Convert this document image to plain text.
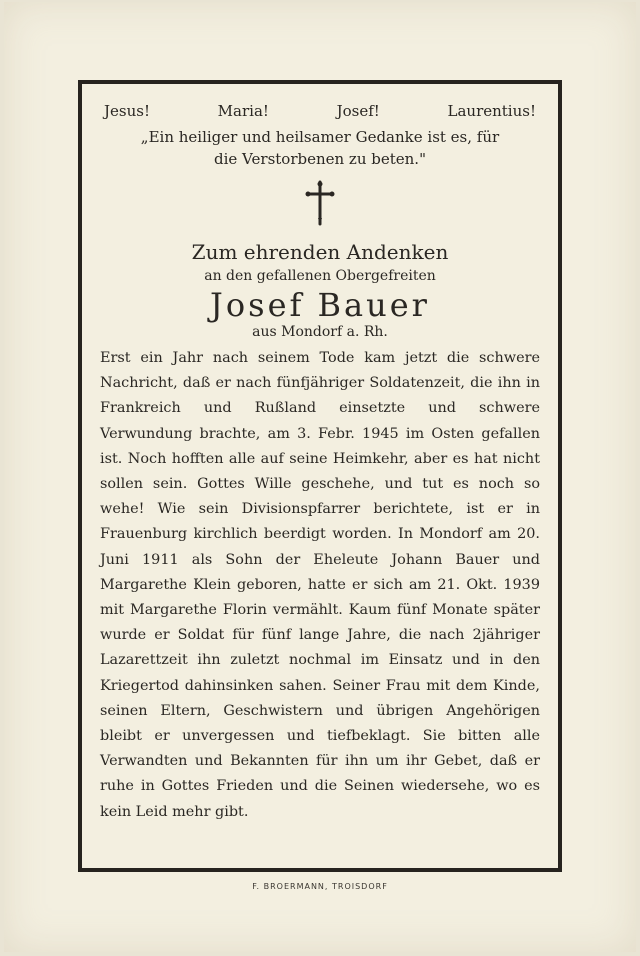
Jesus!	Maria!	Josef!	Laurentius!
„Ein heiliger und heilsamer Gedanke ist es, für
die Verstorbenen zu beten."
Zum ehrenden Andenken
an den gefallenen Obergefreiten
Josef Bauer
aus Mondorf a. Rh.
Erst ein Jahr nach seinem Tode kam jetzt die schwere Nachricht, daß er nach fünfjähriger Soldatenzeit, die ihn in Frankreich und Rußland einsetzte und schwere Verwundung brachte, am 3. Febr. 1945 im Osten gefallen ist. Noch hofften alle auf seine Heimkehr, aber es hat nicht sollen sein. Gottes Wille geschehe, und tut es noch so wehe! Wie sein Divisionspfarrer berichtete, ist er in Frauenburg kirchlich beerdigt worden. In Mondorf am 20. Juni 1911 als Sohn der Eheleute Johann Bauer und Margarethe Klein geboren, hatte er sich am 21. Okt. 1939 mit Margarethe Florin vermählt. Kaum fünf Monate später wurde er Soldat für fünf lange Jahre, die nach 2jähriger Lazarettzeit ihn zuletzt nochmal im Einsatz und in den Kriegertod dahinsinken sahen. Seiner Frau mit dem Kinde, seinen Eltern, Geschwistern und übrigen Angehörigen bleibt er unvergessen und tiefbeklagt. Sie bitten alle Verwandten und Bekannten für ihn um ihr Gebet, daß er ruhe in Gottes Frieden und die Seinen wiedersehe, wo es kein Leid mehr gibt.
F. BROERMANN, TROISDORF
